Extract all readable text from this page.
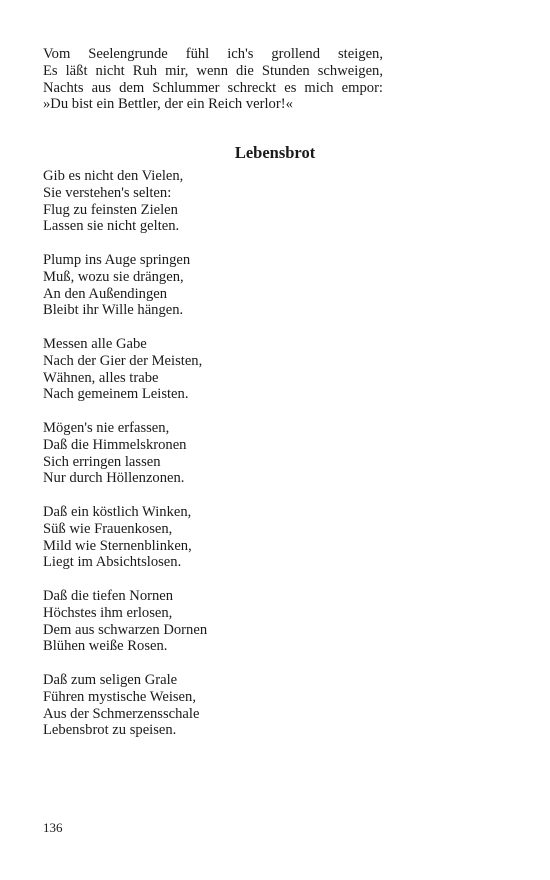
Vom Seelengrunde fühl ich's grollend steigen,
Es läßt nicht Ruh mir, wenn die Stunden schweigen,
Nachts aus dem Schlummer schreckt es mich empor:
»Du bist ein Bettler, der ein Reich verlor!«
Lebensbrot
Gib es nicht den Vielen,
Sie verstehen's selten:
Flug zu feinsten Zielen
Lassen sie nicht gelten.
Plump ins Auge springen
Muß, wozu sie drängen,
An den Außendingen
Bleibt ihr Wille hängen.
Messen alle Gabe
Nach der Gier der Meisten,
Wähnen, alles trabe
Nach gemeinem Leisten.
Mögen's nie erfassen,
Daß die Himmelskronen
Sich erringen lassen
Nur durch Höllenzonen.
Daß ein köstlich Winken,
Süß wie Frauenkosen,
Mild wie Sternenblinken,
Liegt im Absichtslosen.
Daß die tiefen Nornen
Höchstes ihm erlosen,
Dem aus schwarzen Dornen
Blühen weiße Rosen.
Daß zum seligen Grale
Führen mystische Weisen,
Aus der Schmerzensschale
Lebensbrot zu speisen.
136
